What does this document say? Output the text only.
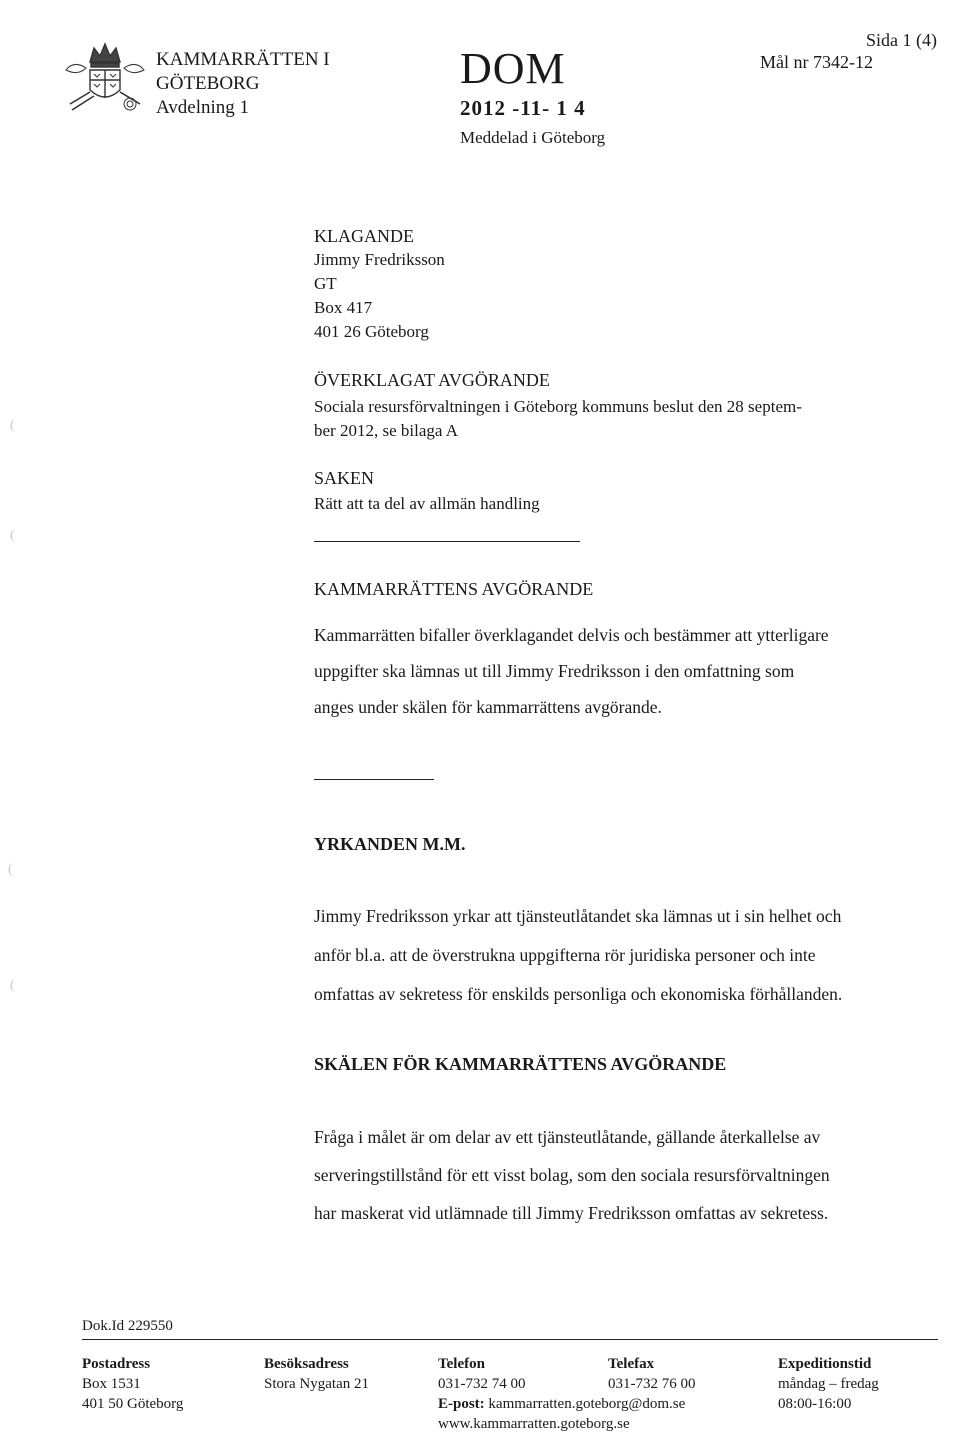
KAMMARRÄTTEN I
GÖTEBORG
Avdelning 1
DOM
2012 -11- 1 4
Meddelad i Göteborg
Sida 1 (4)
Mål nr 7342-12
KLAGANDE
Jimmy Fredriksson
GT
Box 417
401 26 Göteborg
ÖVERKLAGAT AVGÖRANDE
Sociala resursförvaltningen i Göteborg kommuns beslut den 28 septem-
ber 2012, se bilaga A
SAKEN
Rätt att ta del av allmän handling
KAMMARRÄTTENS AVGÖRANDE
Kammarrätten bifaller överklagandet delvis och bestämmer att ytterligare
uppgifter ska lämnas ut till Jimmy Fredriksson i den omfattning som
anges under skälen för kammarrättens avgörande.
YRKANDEN M.M.
Jimmy Fredriksson yrkar att tjänsteutlåtandet ska lämnas ut i sin helhet och
anför bl.a. att de överstrukna uppgifterna rör juridiska personer och inte
omfattas av sekretess för enskilds personliga och ekonomiska förhållanden.
SKÄLEN FÖR KAMMARRÄTTENS AVGÖRANDE
Fråga i målet är om delar av ett tjänsteutlåtande, gällande återkallelse av
serveringstillstånd för ett visst bolag, som den sociala resursförvaltningen
har maskerat vid utlämnade till Jimmy Fredriksson omfattas av sekretess.
(
(
(
(
Dok.Id 229550
Postadress
Box 1531
401 50 Göteborg
Besöksadress
Stora Nygatan 21
Telefon
031-732 74 00
E-post: kammarratten.goteborg@dom.se
www.kammarratten.goteborg.se
Telefax
031-732 76 00
Expeditionstid
måndag – fredag
08:00-16:00
